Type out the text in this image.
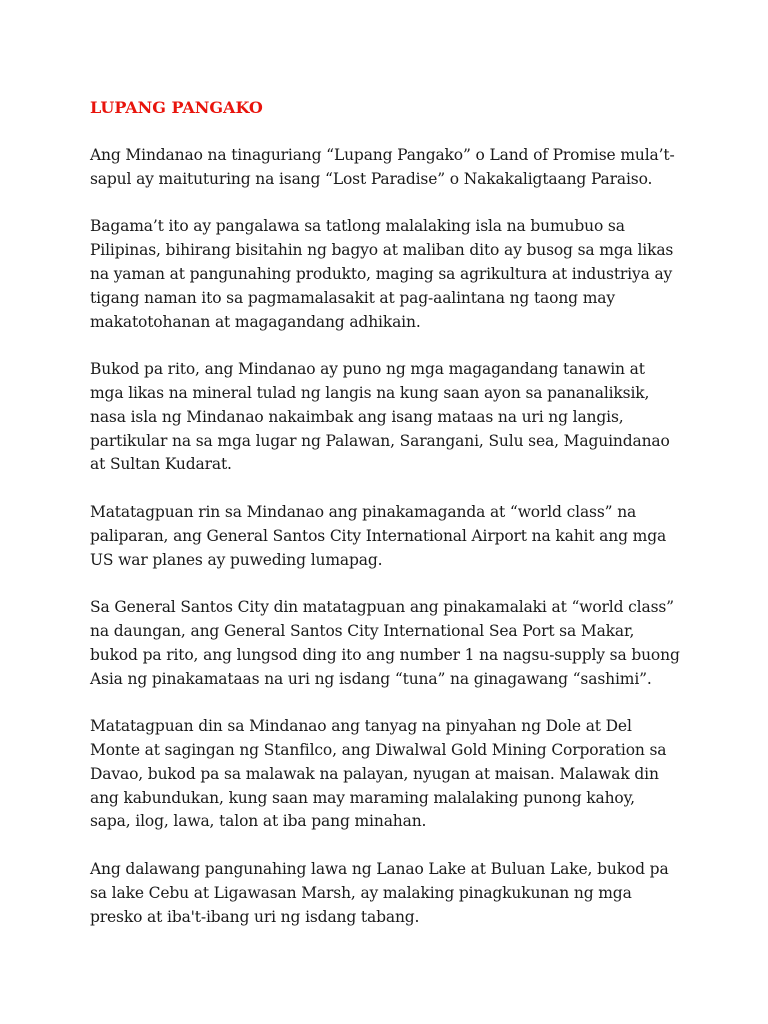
LUPANG PANGAKO

Ang Mindanao na tinaguriang “Lupang Pangako” o Land of Promise mula’t-sapul ay maituturing na isang “Lost Paradise” o Nakakaligtaang Paraiso.

Bagama’t ito ay pangalawa sa tatlong malalaking isla na bumubuo sa Pilipinas, bihirang bisitahin ng bagyo at maliban dito ay busog sa mga likas na yaman at pangunahing produkto, maging sa agrikultura at industriya ay tigang naman ito sa pagmamalasakit at pag-aalintana ng taong may makatotohanan at magagandang adhikain.

Bukod pa rito, ang Mindanao ay puno ng mga magagandang tanawin at mga likas na mineral tulad ng langis na kung saan ayon sa pananaliksik, nasa isla ng Mindanao nakaimbak ang isang mataas na uri ng langis, partikular na sa mga lugar ng Palawan, Sarangani, Sulu sea, Maguindanao at Sultan Kudarat.

Matatagpuan rin sa Mindanao ang pinakamaganda at “world class” na paliparan, ang General Santos City International Airport na kahit ang mga US war planes ay puweding lumapag.

Sa General Santos City din matatagpuan ang pinakamalaki at “world class” na daungan, ang General Santos City International Sea Port sa Makar, bukod pa rito, ang lungsod ding ito ang number 1 na nagsu-supply sa buong Asia ng pinakamataas na uri ng isdang “tuna” na ginagawang “sashimi”.

Matatagpuan din sa Mindanao ang tanyag na pinyahan ng Dole at Del Monte at sagingan ng Stanfilco, ang Diwalwal Gold Mining Corporation sa Davao, bukod pa sa malawak na palayan, nyugan at maisan. Malawak din ang kabundukan, kung saan may maraming malalaking punong kahoy, sapa, ilog, lawa, talon at iba pang minahan.

Ang dalawang pangunahing lawa ng Lanao Lake at Buluan Lake, bukod pa sa lake Cebu at Ligawasan Marsh, ay malaking pinagkukunan ng mga presko at iba't-ibang uri ng isdang tabang.
